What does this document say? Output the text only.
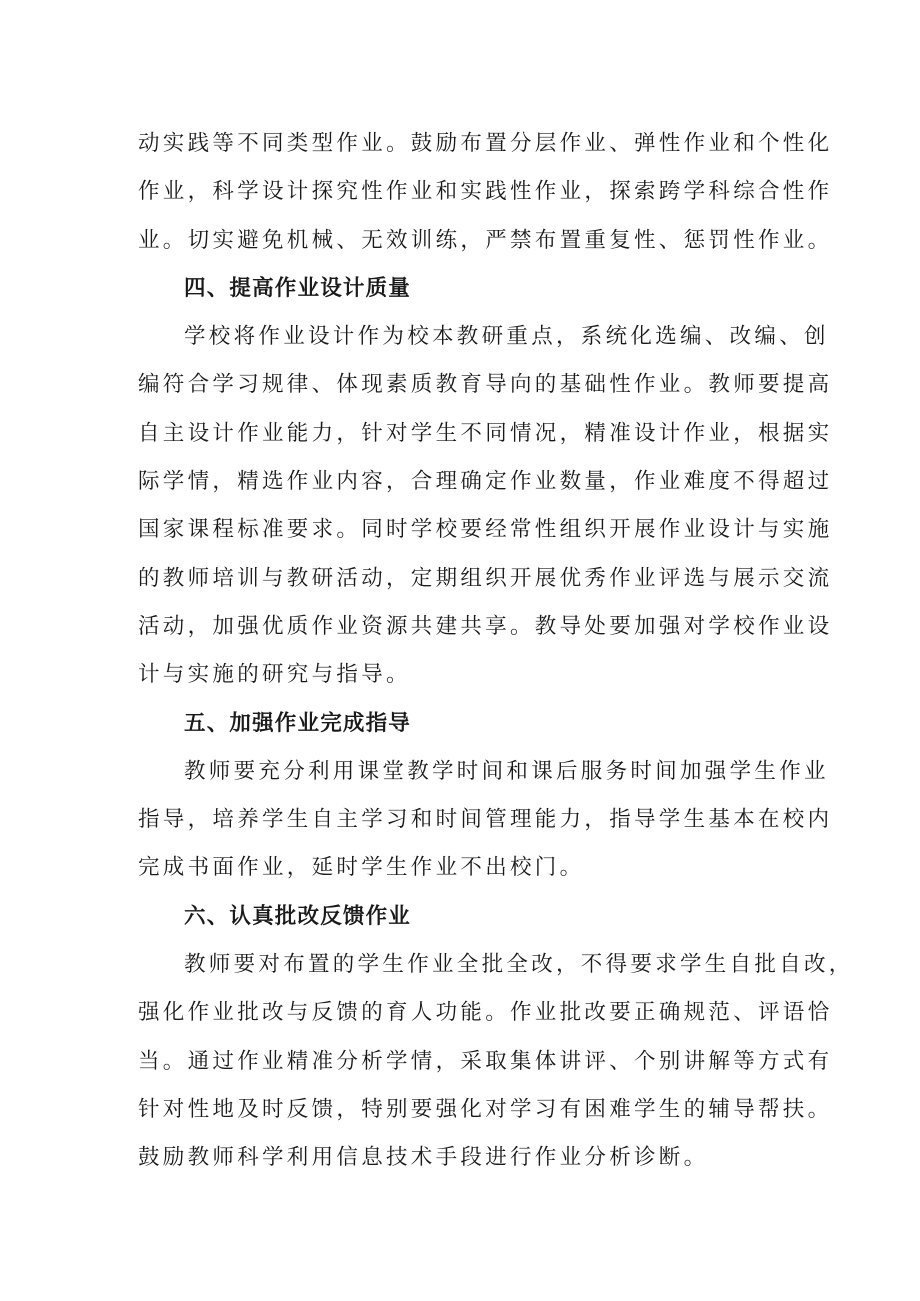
动实践等不同类型作业。鼓励布置分层作业、弹性作业和个性化
作业，科学设计探究性作业和实践性作业，探索跨学科综合性作
业。切实避免机械、无效训练，严禁布置重复性、惩罚性作业。
四、提高作业设计质量
学校将作业设计作为校本教研重点，系统化选编、改编、创
编符合学习规律、体现素质教育导向的基础性作业。教师要提高
自主设计作业能力，针对学生不同情况，精准设计作业，根据实
际学情，精选作业内容，合理确定作业数量，作业难度不得超过
国家课程标准要求。同时学校要经常性组织开展作业设计与实施
的教师培训与教研活动，定期组织开展优秀作业评选与展示交流
活动，加强优质作业资源共建共享。教导处要加强对学校作业设
计与实施的研究与指导。
五、加强作业完成指导
教师要充分利用课堂教学时间和课后服务时间加强学生作业
指导，培养学生自主学习和时间管理能力，指导学生基本在校内
完成书面作业，延时学生作业不出校门。
六、认真批改反馈作业
教师要对布置的学生作业全批全改，不得要求学生自批自改，
强化作业批改与反馈的育人功能。作业批改要正确规范、评语恰
当。通过作业精准分析学情，采取集体讲评、个别讲解等方式有
针对性地及时反馈，特别要强化对学习有困难学生的辅导帮扶。
鼓励教师科学利用信息技术手段进行作业分析诊断。
